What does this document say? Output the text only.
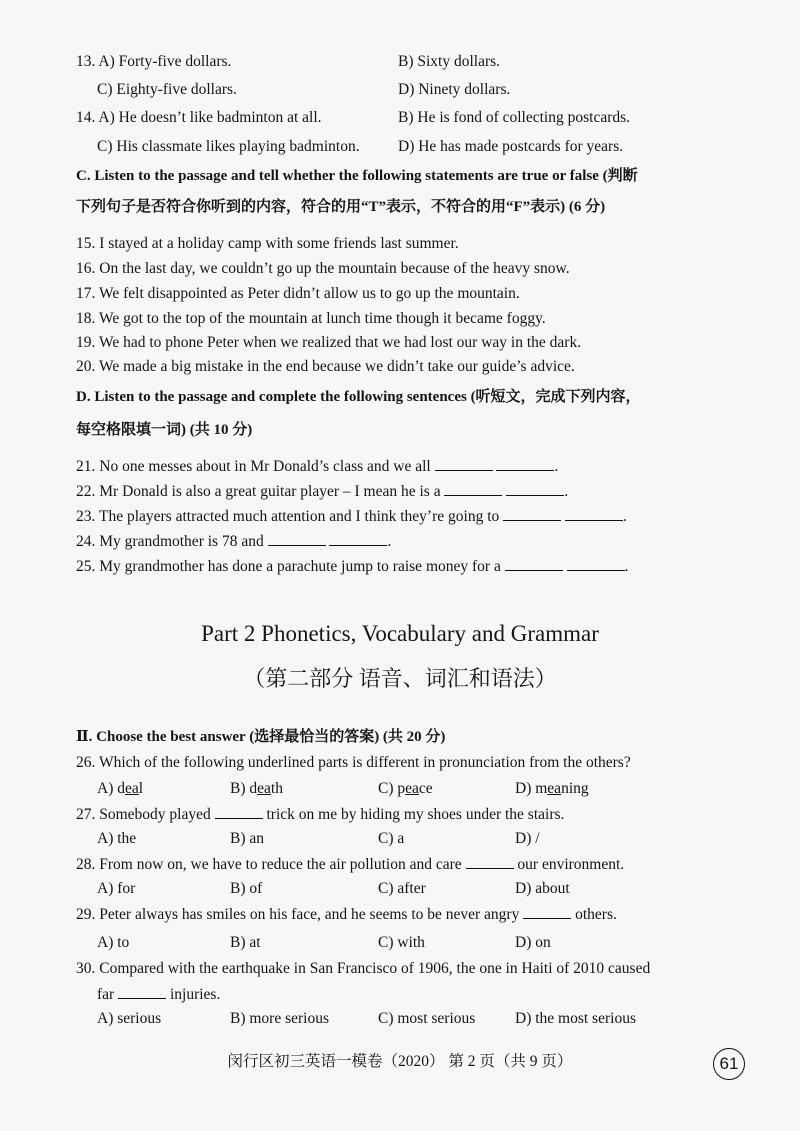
13. A) Forty-five dollars.	B) Sixty dollars.
C) Eighty-five dollars.	D) Ninety dollars.
14. A) He doesn’t like badminton at all.	B) He is fond of collecting postcards.
C) His classmate likes playing badminton. D) He has made postcards for years.
C. Listen to the passage and tell whether the following statements are true or false (判断
下列句子是否符合你听到的内容，符合的用“T”表示，不符合的用“F”表示) (6 分)
15. I stayed at a holiday camp with some friends last summer.
16. On the last day, we couldn’t go up the mountain because of the heavy snow.
17. We felt disappointed as Peter didn’t allow us to go up the mountain.
18. We got to the top of the mountain at lunch time though it became foggy.
19. We had to phone Peter when we realized that we had lost our way in the dark.
20. We made a big mistake in the end because we didn’t take our guide’s advice.
D. Listen to the passage and complete the following sentences (听短文，完成下列内容，
每空格限填一词) (共 10 分)
21. No one messes about in Mr Donald’s class and we all	.
22. Mr Donald is also a great guitar player – I mean he is a	.
23. The players attracted much attention and I think they’re going to	.
24. My grandmother is 78 and	.
25. My grandmother has done a parachute jump to raise money for a	.
Part 2 Phonetics, Vocabulary and Grammar
（第二部分 语音、词汇和语法）
Ⅱ. Choose the best answer (选择最恰当的答案) (共 20 分)
26. Which of the following underlined parts is different in pronunciation from the others?
A) deal	B) death	C) peace	D) meaning
27. Somebody played	trick on me by hiding my shoes under the stairs.
A) the	B) an	C) a	D) /
28. From now on, we have to reduce the air pollution and care	our environment.
A) for	B) of	C) after	D) about
29. Peter always has smiles on his face, and he seems to be never angry	others.
A) to	B) at	C) with	D) on
30. Compared with the earthquake in San Francisco of 1906, the one in Haiti of 2010 caused
far	injuries.
A) serious	B) more serious	C) most serious	D) the most serious
闵行区初三英语一模卷（2020） 第 2 页（共 9 页）	61
